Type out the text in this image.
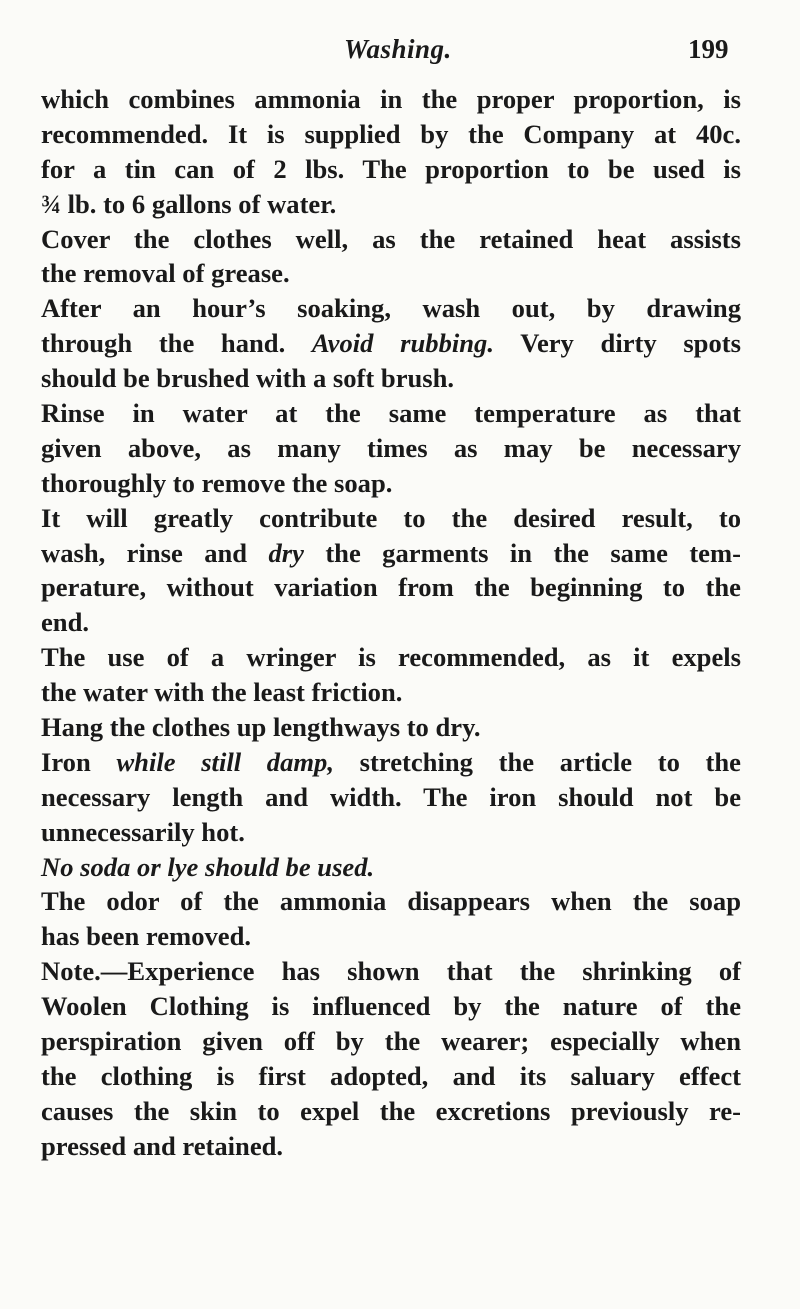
Washing.	199
which combines ammonia in the proper proportion, is
recommended. It is supplied by the Company at 40c.
for a tin can of 2 lbs. The proportion to be used is
¾ lb. to 6 gallons of water.
Cover the clothes well, as the retained heat assists
the removal of grease.
After an hour’s soaking, wash out, by drawing
through the hand. Avoid rubbing. Very dirty spots
should be brushed with a soft brush.
Rinse in water at the same temperature as that
given above, as many times as may be necessary
thoroughly to remove the soap.
It will greatly contribute to the desired result, to
wash, rinse and dry the garments in the same tem-
perature, without variation from the beginning to the
end.
The use of a wringer is recommended, as it expels
the water with the least friction.
Hang the clothes up lengthways to dry.
Iron while still damp, stretching the article to the
necessary length and width. The iron should not be
unnecessarily hot.
No soda or lye should be used.
The odor of the ammonia disappears when the soap
has been removed.
Note.—Experience has shown that the shrinking of
Woolen Clothing is influenced by the nature of the
perspiration given off by the wearer; especially when
the clothing is first adopted, and its saluary effect
causes the skin to expel the excretions previously re-
pressed and retained.
